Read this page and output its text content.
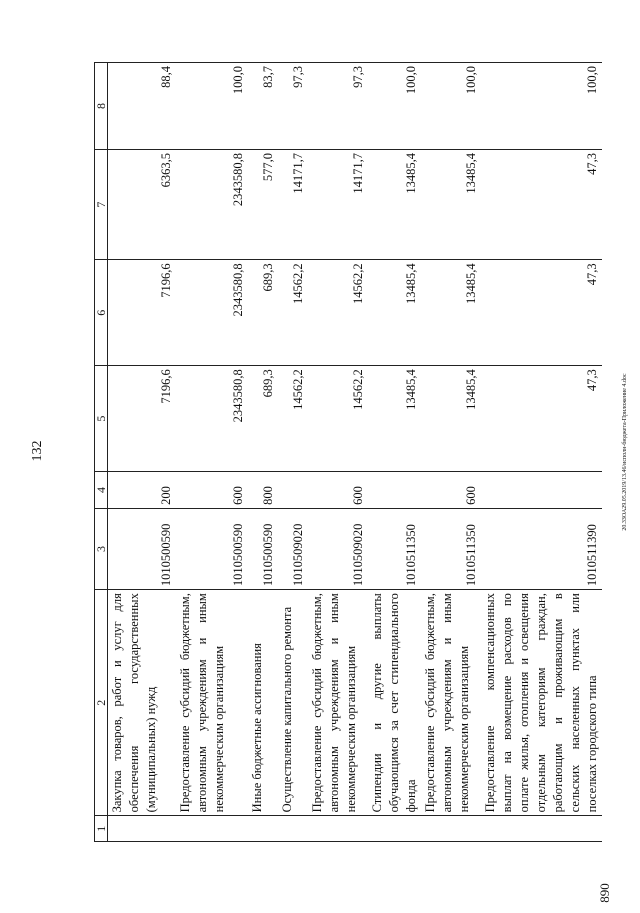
132
890
20.3ЗОА29.05.2019/13.46/исполн-бюджета-Приложение 4.doc
1	2	3	4	5	6	7	8
	Закупка товаров, работ и услуг для обеспечения государственных (муниципальных) нужд	1010500590	200	7196,6	7196,6	6363,5	88,4
	Предоставление субсидий бюджетным, автономным учреждениям и иным некоммерческим организациям	1010500590	600	2343580,8	2343580,8	2343580,8	100,0
	Иные бюджетные ассигнования	1010500590	800	689,3	689,3	577,0	83,7
	Осуществление капитального ремонта	1010509020		14562,2	14562,2	14171,7	97,3
	Предоставление субсидий бюджетным, автономным учреждениям и иным некоммерческим организациям	1010509020	600	14562,2	14562,2	14171,7	97,3
	Стипендии и другие выплаты обучающимся за счет стипендиального фонда	1010511350		13485,4	13485,4	13485,4	100,0
	Предоставление субсидий бюджетным, автономным учреждениям и иным некоммерческим организациям	1010511350	600	13485,4	13485,4	13485,4	100,0
	Предоставление компенсационных выплат на возмещение расходов по оплате жилья, отопления и освещения отдельным категориям граждан, работающим и проживающим в сельских населенных пунктах или поселках городского типа	1010511390		47,3	47,3	47,3	100,0
